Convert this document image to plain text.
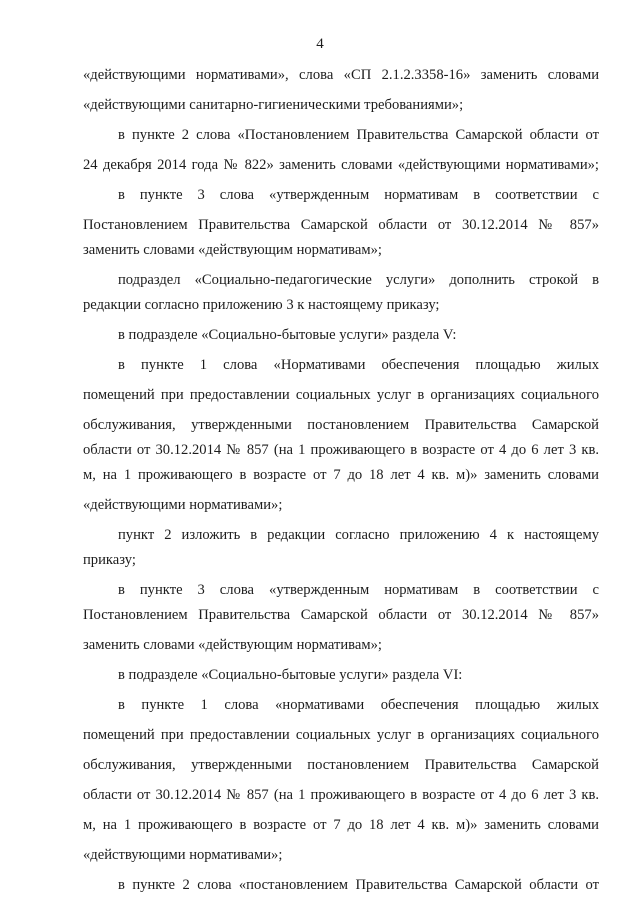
4
«действующими нормативами», слова «СП 2.1.2.3358-16» заменить словами
«действующими санитарно-гигиеническими требованиями»;
в пункте 2 слова «Постановлением Правительства Самарской области от
24 декабря 2014 года № 822» заменить словами «действующими нормативами»;
в пункте 3 слова «утвержденным нормативам в соответствии с
Постановлением Правительства Самарской области от 30.12.2014 № 857»
заменить словами «действующим нормативам»;
подраздел «Социально-педагогические услуги» дополнить строкой в
редакции согласно приложению 3 к настоящему приказу;
в подразделе «Социально-бытовые услуги» раздела V:
в пункте 1 слова «Нормативами обеспечения площадью жилых
помещений при предоставлении социальных услуг в организациях социального
обслуживания, утвержденными постановлением Правительства Самарской
области от 30.12.2014 № 857 (на 1 проживающего в возрасте от 4 до 6 лет 3 кв.
м, на 1 проживающего в возрасте от 7 до 18 лет 4 кв. м)» заменить словами
«действующими нормативами»;
пункт 2 изложить в редакции согласно приложению 4 к настоящему
приказу;
в пункте 3 слова «утвержденным нормативам в соответствии с
Постановлением Правительства Самарской области от 30.12.2014 № 857»
заменить словами «действующим нормативам»;
в подразделе «Социально-бытовые услуги» раздела VI:
в пункте 1 слова «нормативами обеспечения площадью жилых
помещений при предоставлении социальных услуг в организациях социального
обслуживания, утвержденными постановлением Правительства Самарской
области от 30.12.2014 № 857 (на 1 проживающего в возрасте от 4 до 6 лет 3 кв.
м, на 1 проживающего в возрасте от 7 до 18 лет 4 кв. м)» заменить словами
«действующими нормативами»;
в пункте 2 слова «постановлением Правительства Самарской области от
